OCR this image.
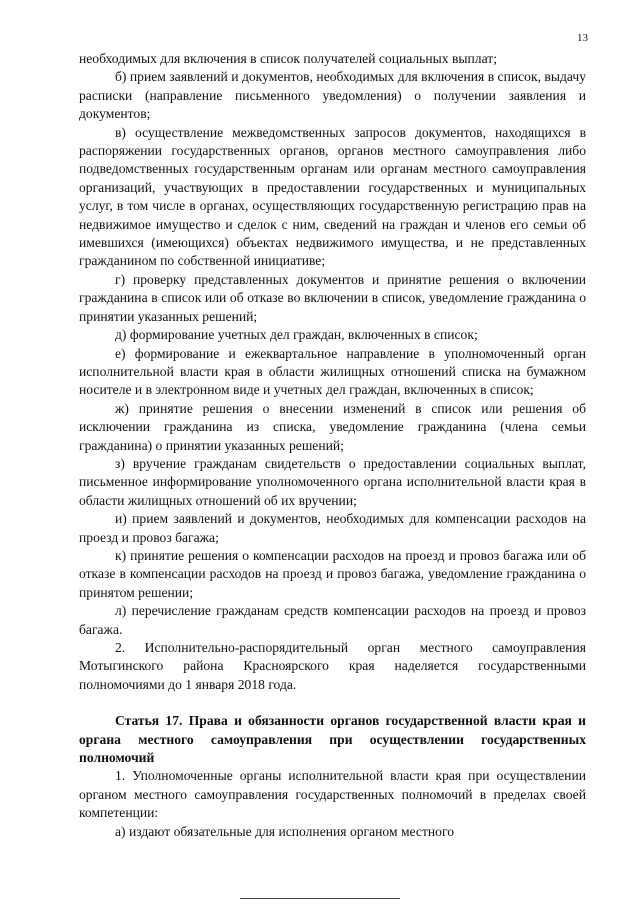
13

необходимых для включения в список получателей социальных выплат;

б) прием заявлений и документов, необходимых для включения в список, выдачу расписки (направление письменного уведомления) о получении заявления и документов;

в) осуществление межведомственных запросов документов, находящихся в распоряжении государственных органов, органов местного самоуправления либо подведомственных государственным органам или органам местного самоуправления организаций, участвующих в предоставлении государственных и муниципальных услуг, в том числе в органах, осуществляющих государственную регистрацию прав на недвижимое имущество и сделок с ним, сведений на граждан и членов его семьи об имевшихся (имеющихся) объектах недвижимого имущества, и не представленных гражданином по собственной инициативе;

г) проверку представленных документов и принятие решения о включении гражданина в список или об отказе во включении в список, уведомление гражданина о принятии указанных решений;

д) формирование учетных дел граждан, включенных в список;

е) формирование и ежеквартальное направление в уполномоченный орган исполнительной власти края в области жилищных отношений списка на бумажном носителе и в электронном виде и учетных дел граждан, включенных в список;

ж) принятие решения о внесении изменений в список или решения об исключении гражданина из списка, уведомление гражданина (члена семьи гражданина) о принятии указанных решений;

з) вручение гражданам свидетельств о предоставлении социальных выплат, письменное информирование уполномоченного органа исполнительной власти края в области жилищных отношений об их вручении;

и) прием заявлений и документов, необходимых для компенсации расходов на проезд и провоз багажа;

к) принятие решения о компенсации расходов на проезд и провоз багажа или об отказе в компенсации расходов на проезд и провоз багажа, уведомление гражданина о принятом решении;

л) перечисление гражданам средств компенсации расходов на проезд и провоз багажа.

2. Исполнительно-распорядительный орган местного самоуправления Мотыгинского района Красноярского края наделяется государственными полномочиями до 1 января 2018 года.

Статья 17. Права и обязанности органов государственной власти края и органа местного самоуправления при осуществлении государственных полномочий

1. Уполномоченные органы исполнительной власти края при осуществлении органом местного самоуправления государственных полномочий в пределах своей компетенции:

а) издают обязательные для исполнения органом местного
